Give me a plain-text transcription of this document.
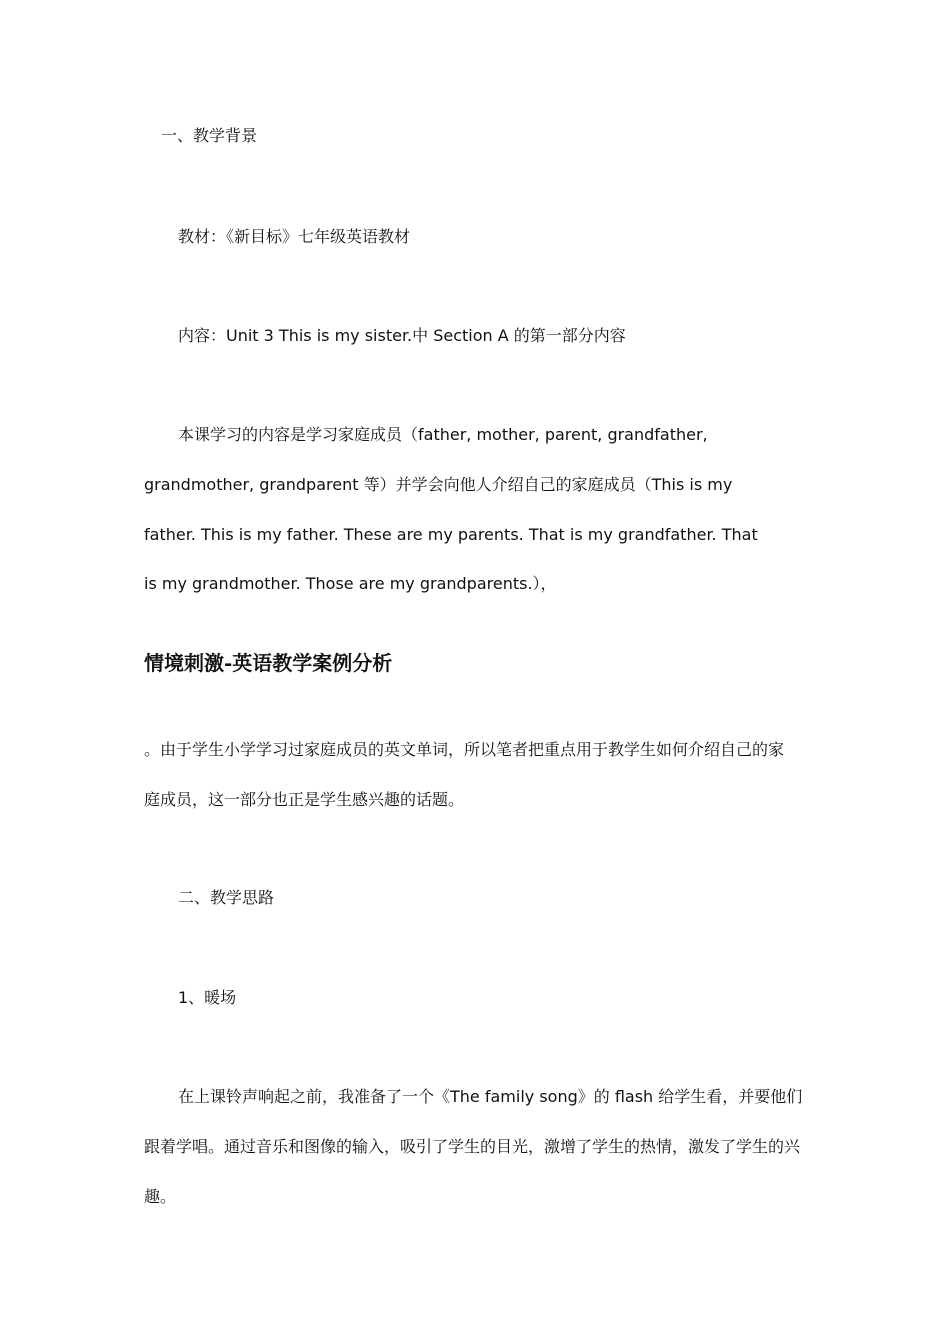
一、教学背景
教材：《新目标》七年级英语教材
内容：Unit 3 This is my sister.中 Section A 的第一部分内容
本课学习的内容是学习家庭成员（father, mother, parent, grandfather,
grandmother, grandparent 等）并学会向他人介绍自己的家庭成员（This is my
father. This is my father. These are my parents. That is my grandfather. That
is my grandmother. Those are my grandparents.），
情境刺激-英语教学案例分析
。由于学生小学学习过家庭成员的英文单词，所以笔者把重点用于教学生如何介绍自己的家
庭成员，这一部分也正是学生感兴趣的话题。
二、教学思路
1、暖场
在上课铃声响起之前，我准备了一个《The family song》的 flash 给学生看，并要他们
跟着学唱。通过音乐和图像的输入，吸引了学生的目光，激增了学生的热情，激发了学生的兴
趣。
